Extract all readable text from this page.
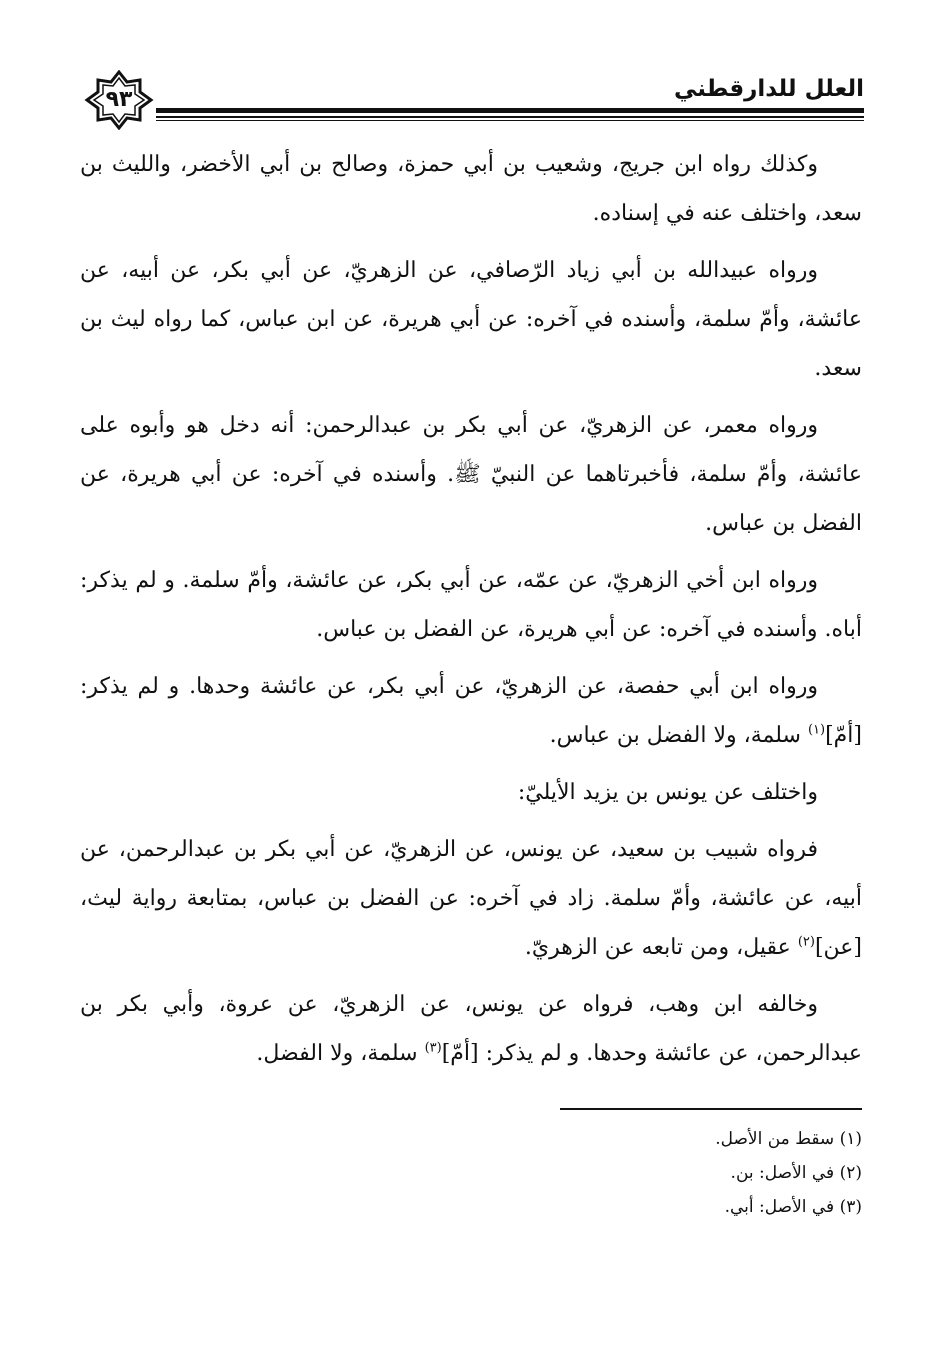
٩٣	العلل للدارقطني

وكذلك رواه ابن جريج، وشعيب بن أبي حمزة، وصالح بن أبي الأخضر، والليث بن سعد، واختلف عنه في إسناده.

ورواه عبيدالله بن أبي زياد الرّصافي، عن الزهريّ، عن أبي بكر، عن أبيه، عن عائشة، وأمّ سلمة، وأسنده في آخره: عن أبي هريرة، عن ابن عباس، كما رواه ليث بن سعد.

ورواه معمر، عن الزهريّ، عن أبي بكر بن عبدالرحمن: أنه دخل هو وأبوه على عائشة، وأمّ سلمة، فأخبرتاهما عن النبيّ ﷺ. وأسنده في آخره: عن أبي هريرة، عن الفضل بن عباس.

ورواه ابن أخي الزهريّ، عن عمّه، عن أبي بكر، عن عائشة، وأمّ سلمة. و لم يذكر: أباه. وأسنده في آخره: عن أبي هريرة، عن الفضل بن عباس.

ورواه ابن أبي حفصة، عن الزهريّ، عن أبي بكر، عن عائشة وحدها. و لم يذكر: [أمّ]$^{(١)}$ سلمة، ولا الفضل بن عباس.

واختلف عن يونس بن يزيد الأيليّ:

فرواه شبيب بن سعيد، عن يونس، عن الزهريّ، عن أبي بكر بن عبدالرحمن، عن أبيه، عن عائشة، وأمّ سلمة. زاد في آخره: عن الفضل بن عباس، بمتابعة رواية ليث، [عن]$^{(٢)}$ عقيل، ومن تابعه عن الزهريّ.

وخالفه ابن وهب، فرواه عن يونس، عن الزهريّ، عن عروة، وأبي بكر بن عبدالرحمن، عن عائشة وحدها. و لم يذكر: [أمّ]$^{(٣)}$ سلمة، ولا الفضل.

(١) سقط من الأصل.
(٢) في الأصل: بن.
(٣) في الأصل: أبي.
